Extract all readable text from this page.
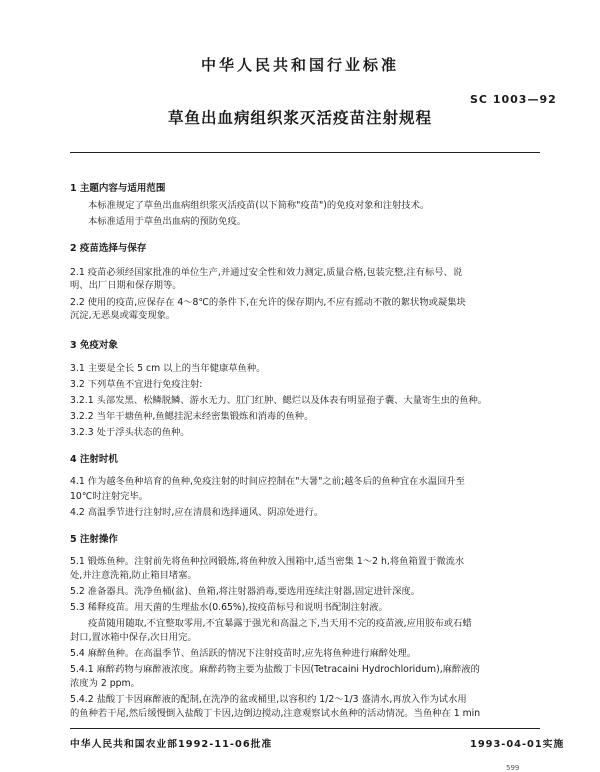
中华人民共和国行业标准
SC 1003—92
草鱼出血病组织浆灭活疫苗注射规程
1 主题内容与适用范围
本标准规定了草鱼出血病组织浆灭活疫苗(以下简称"疫苗")的免疫对象和注射技术。
本标准适用于草鱼出血病的预防免疫。
2 疫苗选择与保存
2.1 疫苗必须经国家批准的单位生产,并通过安全性和效力测定,质量合格,包装完整,注有标号、说
明、出厂日期和保存期等。
2.2 使用的疫苗,应保存在 4～8℃的条件下,在允许的保存期内,不应有摇动不散的絮状物或凝集块
沉淀,无恶臭或霉变现象。
3 免疫对象
3.1 主要是全长 5 cm 以上的当年健康草鱼种。
3.2 下列草鱼不宜进行免疫注射:
3.2.1 头部发黑、松鳞脱鳞、游水无力、肛门红肿、鳃烂以及体表有明显孢子囊、大量寄生虫的鱼种。
3.2.2 当年干塘鱼种,鱼鳃挂泥未经密集锻炼和消毒的鱼种。
3.2.3 处于浮头状态的鱼种。
4 注射时机
4.1 作为越冬鱼种培育的鱼种,免疫注射的时间应控制在"大暑"之前;越冬后的鱼种宜在水温回升至
10℃时注射完毕。
4.2 高温季节进行注射时,应在清晨和选择通风、阴凉处进行。
5 注射操作
5.1 锻炼鱼种。注射前先将鱼种拉网锻炼,将鱼种放入围箱中,适当密集 1～2 h,将鱼箱置于微流水
处,并注意洗箱,防止箱目堵塞。
5.2 准备器具。洗净鱼桶(盆)、鱼箱,将注射器消毒,要选用连续注射器,固定进针深度。
5.3 稀释疫苗。用天菌的生理盐水(0.65%),按疫苗标号和说明书配制注射液。
疫苗随用随取,不宜整取零用,不宜暴露于强光和高温之下,当天用不完的疫苗液,应用胶布或石蜡
封口,置冰箱中保存,次日用完。
5.4 麻醉鱼种。在高温季节、鱼活跃的情况下注射疫苗时,应先将鱼种进行麻醉处理。
5.4.1 麻醉药物与麻醉液浓度。麻醉药物主要为盐酸丁卡因(Tetracaini Hydrochloridum),麻醉液的
浓度为 2 ppm。
5.4.2 盐酸丁卡因麻醉液的配制,在洗净的盆或桶里,以容积约 1/2～1/3 盛清水,再放入作为试水用
的鱼种若干尾,然后缓慢倒入盐酸丁卡因,边倒边搅动,注意观察试水鱼种的活动情况。当鱼种在 1 min
中华人民共和国农业部1992-11-06批准	1993-04-01实施
599
